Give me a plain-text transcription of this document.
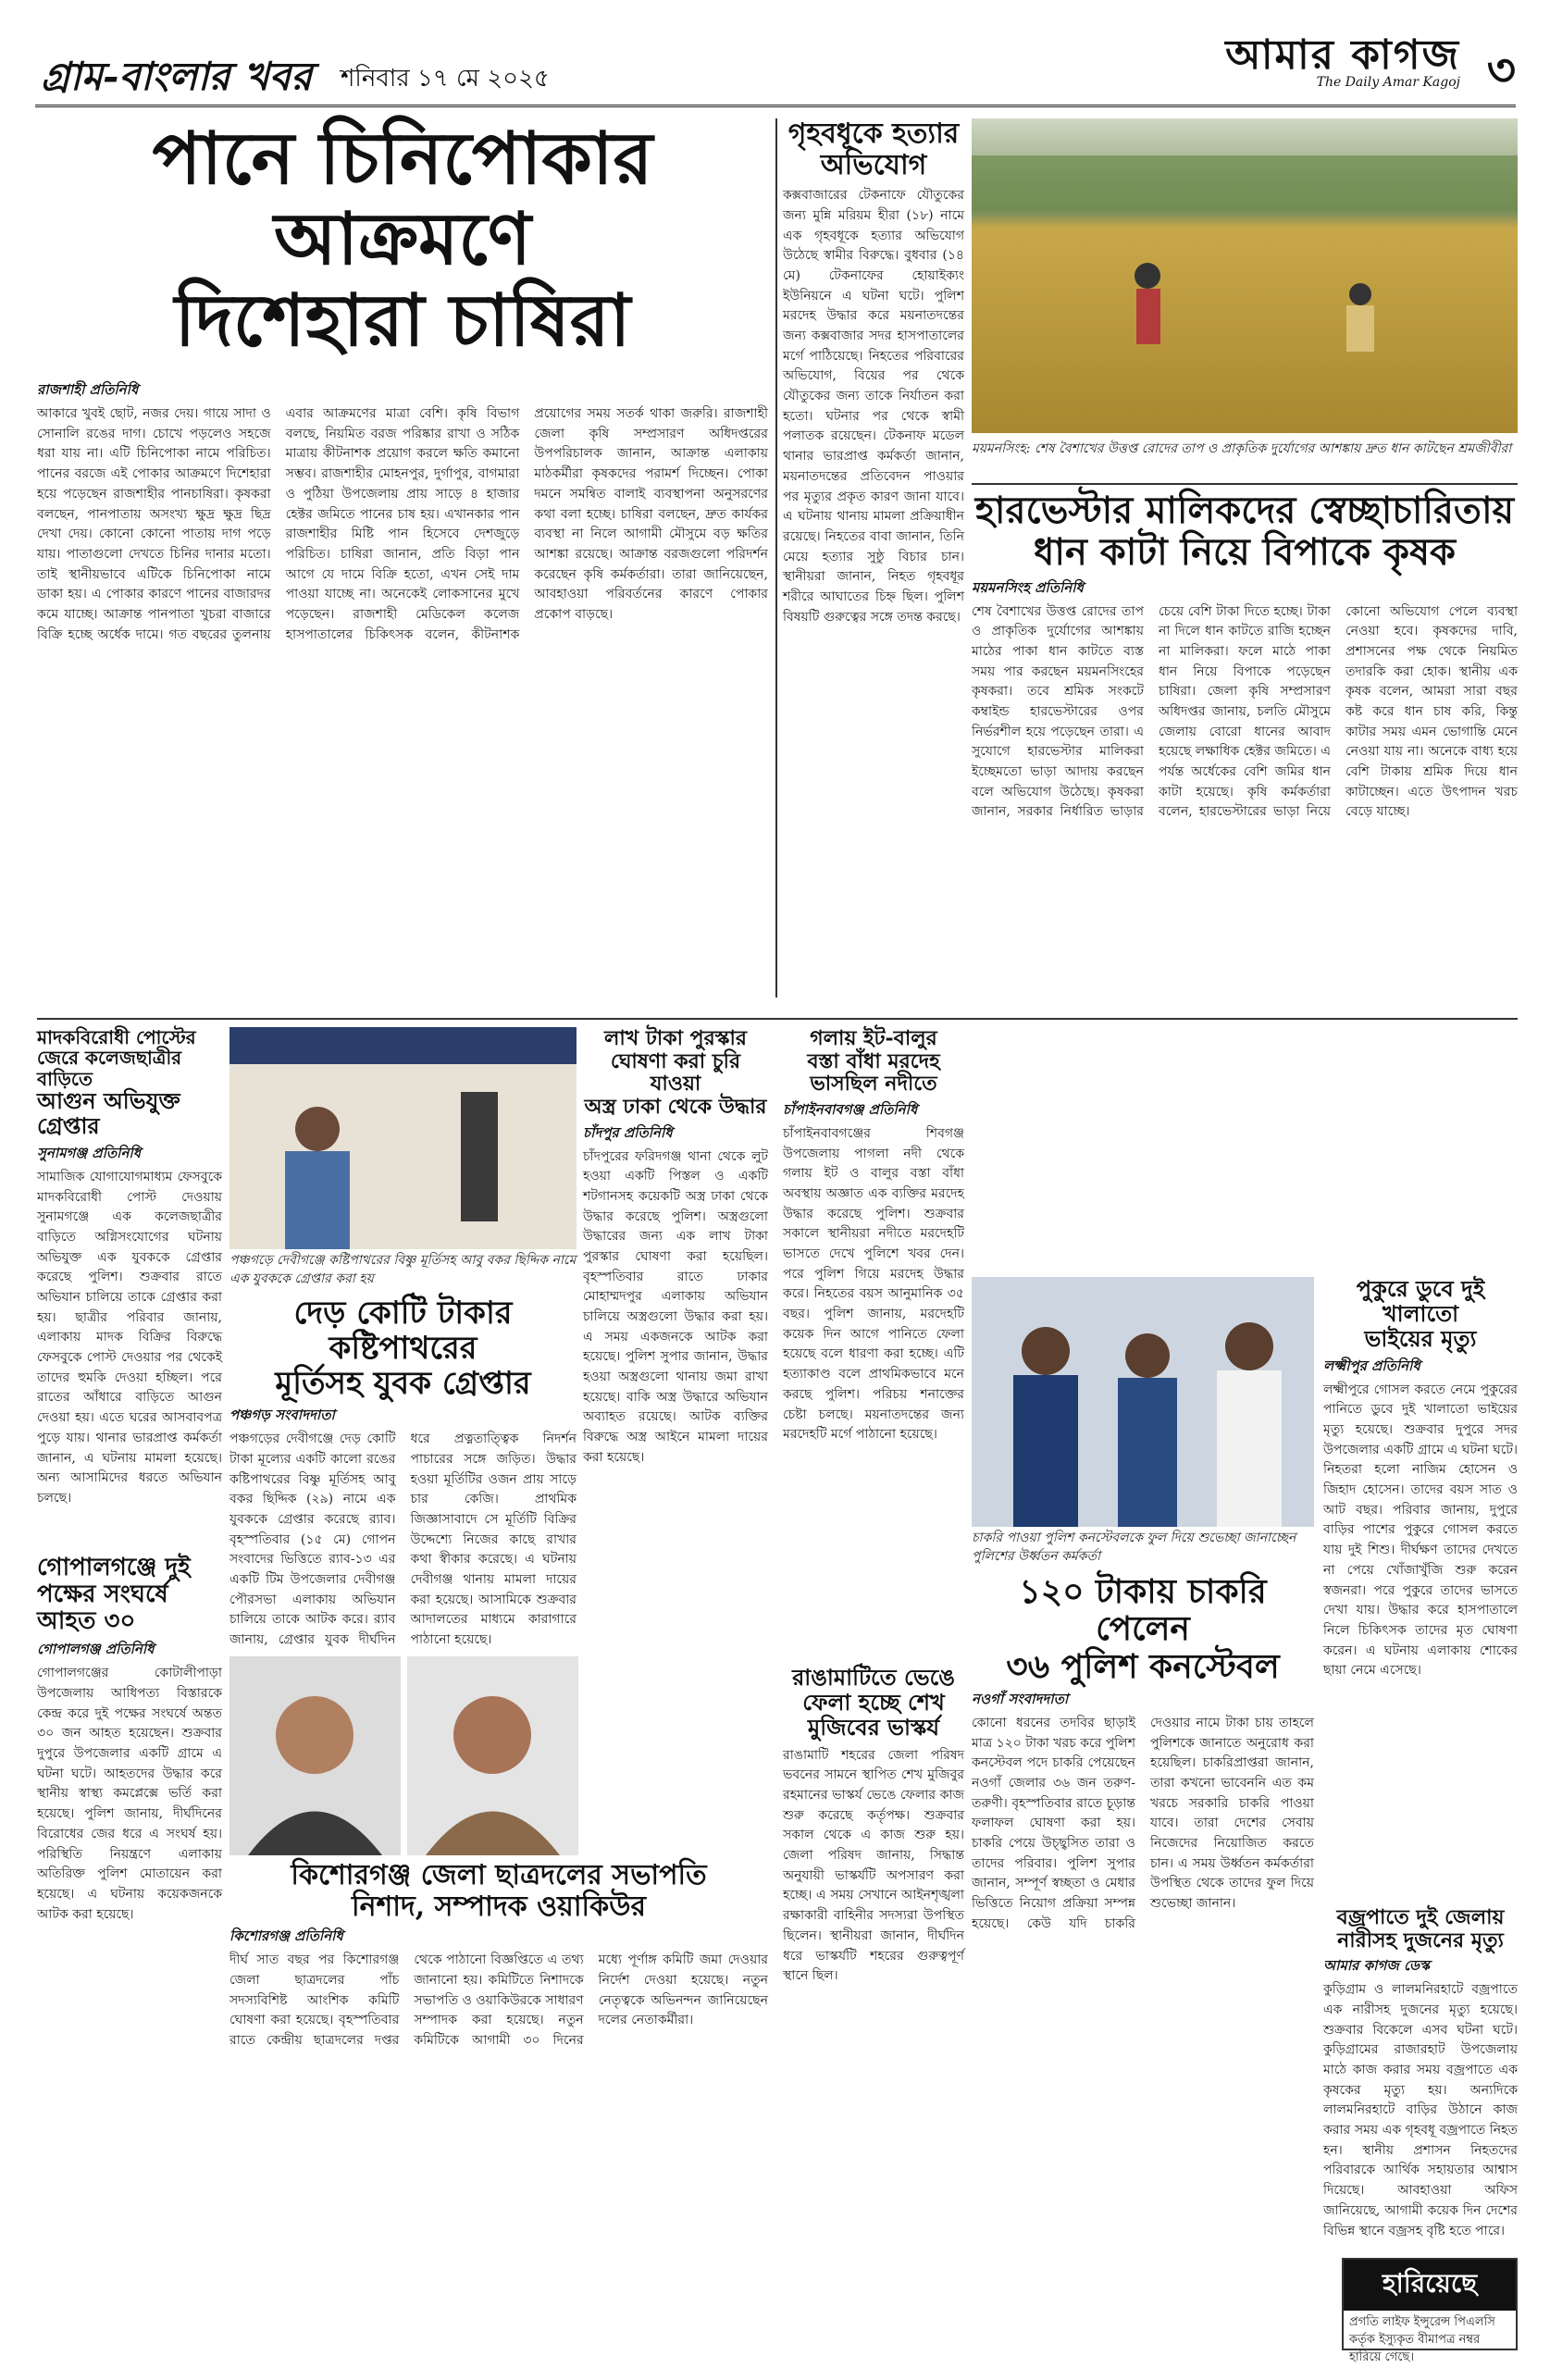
গ্রাম-বাংলার খবর শনিবার ১৭ মে ২০২৫	আমার কাগজ
The Daily Amar Kagoj ৩
পানে চিনিপোকার আক্রমণে
দিশেহারা চাষিরা
রাজশাহী প্রতিনিধি
আকারে খুবই ছোট, নজর দেয়। গায়ে সাদা ও সোনালি রঙের দাগ। চোখে পড়লেও সহজে ধরা যায় না। এটি চিনিপোকা নামে পরিচিত। পানের বরজে এই পোকার আক্রমণে দিশেহারা হয়ে পড়েছেন রাজশাহীর পানচাষিরা। কৃষকরা বলছেন, পানপাতায় অসংখ্য ক্ষুদ্র ক্ষুদ্র ছিদ্র দেখা দেয়। কোনো কোনো পাতায় দাগ পড়ে যায়। পাতাগুলো দেখতে চিনির দানার মতো। তাই স্থানীয়ভাবে এটিকে চিনিপোকা নামে ডাকা হয়। এ পোকার কারণে পানের বাজারদর কমে যাচ্ছে। আক্রান্ত পানপাতা খুচরা বাজারে বিক্রি হচ্ছে অর্ধেক দামে। গত বছরের তুলনায় এবার আক্রমণের মাত্রা বেশি। কৃষি বিভাগ বলছে, নিয়মিত বরজ পরিষ্কার রাখা ও সঠিক মাত্রায় কীটনাশক প্রয়োগ করলে ক্ষতি কমানো সম্ভব। রাজশাহীর মোহনপুর, দুর্গাপুর, বাগমারা ও পুঠিয়া উপজেলায় প্রায় সাড়ে ৪ হাজার হেক্টর জমিতে পানের চাষ হয়। এখানকার পান রাজশাহীর মিষ্টি পান হিসেবে দেশজুড়ে পরিচিত। চাষিরা জানান, প্রতি বিড়া পান আগে যে দামে বিক্রি হতো, এখন সেই দাম পাওয়া যাচ্ছে না। অনেকেই লোকসানের মুখে পড়েছেন। রাজশাহী মেডিকেল কলেজ হাসপাতালের চিকিৎসক বলেন, কীটনাশক প্রয়োগের সময় সতর্ক থাকা জরুরি। রাজশাহী জেলা কৃষি সম্প্রসারণ অধিদপ্তরের উপপরিচালক জানান, আক্রান্ত এলাকায় মাঠকর্মীরা কৃষকদের পরামর্শ দিচ্ছেন। পোকা দমনে সমন্বিত বালাই ব্যবস্থাপনা অনুসরণের কথা বলা হচ্ছে। চাষিরা বলছেন, দ্রুত কার্যকর ব্যবস্থা না নিলে আগামী মৌসুমে বড় ক্ষতির আশঙ্কা রয়েছে। আক্রান্ত বরজগুলো পরিদর্শন করেছেন কৃষি কর্মকর্তারা। তারা জানিয়েছেন, আবহাওয়া পরিবর্তনের কারণে পোকার প্রকোপ বাড়ছে।
গৃহবধূকে হত্যার
অভিযোগ
কক্সবাজারের টেকনাফে যৌতুকের জন্য মুন্নি মরিয়ম হীরা (১৮) নামে এক গৃহবধূকে হত্যার অভিযোগ উঠেছে স্বামীর বিরুদ্ধে। বুধবার (১৪ মে) টেকনাফের হোয়াইক্যং ইউনিয়নে এ ঘটনা ঘটে। পুলিশ মরদেহ উদ্ধার করে ময়নাতদন্তের জন্য কক্সবাজার সদর হাসপাতালের মর্গে পাঠিয়েছে। নিহতের পরিবারের অভিযোগ, বিয়ের পর থেকে যৌতুকের জন্য তাকে নির্যাতন করা হতো। ঘটনার পর থেকে স্বামী পলাতক রয়েছেন। টেকনাফ মডেল থানার ভারপ্রাপ্ত কর্মকর্তা জানান, ময়নাতদন্তের প্রতিবেদন পাওয়ার পর মৃত্যুর প্রকৃত কারণ জানা যাবে। এ ঘটনায় থানায় মামলা প্রক্রিয়াধীন রয়েছে। নিহতের বাবা জানান, তিনি মেয়ে হত্যার সুষ্ঠু বিচার চান। স্থানীয়রা জানান, নিহত গৃহবধূর শরীরে আঘাতের চিহ্ন ছিল। পুলিশ বিষয়টি গুরুত্বের সঙ্গে তদন্ত করছে।
ময়মনসিংহ: শেষ বৈশাখের উত্তপ্ত রোদের তাপ ও প্রাকৃতিক দুর্যোগের আশঙ্কায় দ্রুত ধান কাটছেন শ্রমজীবীরা
হারভেস্টার মালিকদের স্বেচ্ছাচারিতায়
ধান কাটা নিয়ে বিপাকে কৃষক
ময়মনসিংহ প্রতিনিধি
শেষ বৈশাখের উত্তপ্ত রোদের তাপ ও প্রাকৃতিক দুর্যোগের আশঙ্কায় মাঠের পাকা ধান কাটতে ব্যস্ত সময় পার করছেন ময়মনসিংহের কৃষকরা। তবে শ্রমিক সংকটে কম্বাইন্ড হারভেস্টারের ওপর নির্ভরশীল হয়ে পড়েছেন তারা। এ সুযোগে হারভেস্টার মালিকরা ইচ্ছেমতো ভাড়া আদায় করছেন বলে অভিযোগ উঠেছে। কৃষকরা জানান, সরকার নির্ধারিত ভাড়ার চেয়ে বেশি টাকা দিতে হচ্ছে। টাকা না দিলে ধান কাটতে রাজি হচ্ছেন না মালিকরা। ফলে মাঠে পাকা ধান নিয়ে বিপাকে পড়েছেন চাষিরা। জেলা কৃষি সম্প্রসারণ অধিদপ্তর জানায়, চলতি মৌসুমে জেলায় বোরো ধানের আবাদ হয়েছে লক্ষাধিক হেক্টর জমিতে। এ পর্যন্ত অর্ধেকের বেশি জমির ধান কাটা হয়েছে। কৃষি কর্মকর্তারা বলেন, হারভেস্টারের ভাড়া নিয়ে কোনো অভিযোগ পেলে ব্যবস্থা নেওয়া হবে। কৃষকদের দাবি, প্রশাসনের পক্ষ থেকে নিয়মিত তদারকি করা হোক। স্থানীয় এক কৃষক বলেন, আমরা সারা বছর কষ্ট করে ধান চাষ করি, কিন্তু কাটার সময় এমন ভোগান্তি মেনে নেওয়া যায় না। অনেকে বাধ্য হয়ে বেশি টাকায় শ্রমিক দিয়ে ধান কাটাচ্ছেন। এতে উৎপাদন খরচ বেড়ে যাচ্ছে।
মাদকবিরোধী পোস্টের
জেরে কলেজছাত্রীর বাড়িতে
আগুন অভিযুক্ত গ্রেপ্তার
সুনামগঞ্জ প্রতিনিধি
সামাজিক যোগাযোগমাধ্যম ফেসবুকে মাদকবিরোধী পোস্ট দেওয়ায় সুনামগঞ্জে এক কলেজছাত্রীর বাড়িতে অগ্নিসংযোগের ঘটনায় অভিযুক্ত এক যুবককে গ্রেপ্তার করেছে পুলিশ। শুক্রবার রাতে অভিযান চালিয়ে তাকে গ্রেপ্তার করা হয়। ছাত্রীর পরিবার জানায়, এলাকায় মাদক বিক্রির বিরুদ্ধে ফেসবুকে পোস্ট দেওয়ার পর থেকেই তাদের হুমকি দেওয়া হচ্ছিল। পরে রাতের আঁধারে বাড়িতে আগুন দেওয়া হয়। এতে ঘরের আসবাবপত্র পুড়ে যায়। থানার ভারপ্রাপ্ত কর্মকর্তা জানান, এ ঘটনায় মামলা হয়েছে। অন্য আসামিদের ধরতে অভিযান চলছে।
পঞ্চগড়ে দেবীগঞ্জে কষ্টিপাথরের বিষ্ণু মূর্তিসহ আবু বকর ছিদ্দিক নামে এক যুবককে গ্রেপ্তার করা হয়
দেড় কোটি টাকার কষ্টিপাথরের
মূর্তিসহ যুবক গ্রেপ্তার
পঞ্চগড় সংবাদদাতা
পঞ্চগড়ের দেবীগঞ্জে দেড় কোটি টাকা মূল্যের একটি কালো রঙের কষ্টিপাথরের বিষ্ণু মূর্তিসহ আবু বকর ছিদ্দিক (২৯) নামে এক যুবককে গ্রেপ্তার করেছে র‍্যাব। বৃহস্পতিবার (১৫ মে) গোপন সংবাদের ভিত্তিতে র‍্যাব-১৩ এর একটি টিম উপজেলার দেবীগঞ্জ পৌরসভা এলাকায় অভিযান চালিয়ে তাকে আটক করে। র‍্যাব জানায়, গ্রেপ্তার যুবক দীর্ঘদিন ধরে প্রত্নতাত্ত্বিক নিদর্শন পাচারের সঙ্গে জড়িত। উদ্ধার হওয়া মূর্তিটির ওজন প্রায় সাড়ে চার কেজি। প্রাথমিক জিজ্ঞাসাবাদে সে মূর্তিটি বিক্রির উদ্দেশ্যে নিজের কাছে রাখার কথা স্বীকার করেছে। এ ঘটনায় দেবীগঞ্জ থানায় মামলা দায়ের করা হয়েছে। আসামিকে শুক্রবার আদালতের মাধ্যমে কারাগারে পাঠানো হয়েছে।
লাখ টাকা পুরস্কার
ঘোষণা করা চুরি যাওয়া
অস্ত্র ঢাকা থেকে উদ্ধার
চাঁদপুর প্রতিনিধি
চাঁদপুরের ফরিদগঞ্জ থানা থেকে লুট হওয়া একটি পিস্তল ও একটি শটগানসহ কয়েকটি অস্ত্র ঢাকা থেকে উদ্ধার করেছে পুলিশ। অস্ত্রগুলো উদ্ধারের জন্য এক লাখ টাকা পুরস্কার ঘোষণা করা হয়েছিল। বৃহস্পতিবার রাতে ঢাকার মোহাম্মদপুর এলাকায় অভিযান চালিয়ে অস্ত্রগুলো উদ্ধার করা হয়। এ সময় একজনকে আটক করা হয়েছে। পুলিশ সুপার জানান, উদ্ধার হওয়া অস্ত্রগুলো থানায় জমা রাখা হয়েছে। বাকি অস্ত্র উদ্ধারে অভিযান অব্যাহত রয়েছে। আটক ব্যক্তির বিরুদ্ধে অস্ত্র আইনে মামলা দায়ের করা হয়েছে।
গলায় ইট-বালুর
বস্তা বাঁধা মরদেহ
ভাসছিল নদীতে
চাঁপাইনবাবগঞ্জ প্রতিনিধি
চাঁপাইনবাবগঞ্জের শিবগঞ্জ উপজেলায় পাগলা নদী থেকে গলায় ইট ও বালুর বস্তা বাঁধা অবস্থায় অজ্ঞাত এক ব্যক্তির মরদেহ উদ্ধার করেছে পুলিশ। শুক্রবার সকালে স্থানীয়রা নদীতে মরদেহটি ভাসতে দেখে পুলিশে খবর দেন। পরে পুলিশ গিয়ে মরদেহ উদ্ধার করে। নিহতের বয়স আনুমানিক ৩৫ বছর। পুলিশ জানায়, মরদেহটি কয়েক দিন আগে পানিতে ফেলা হয়েছে বলে ধারণা করা হচ্ছে। এটি হত্যাকাণ্ড বলে প্রাথমিকভাবে মনে করছে পুলিশ। পরিচয় শনাক্তের চেষ্টা চলছে। ময়নাতদন্তের জন্য মরদেহটি মর্গে পাঠানো হয়েছে।
চাকরি পাওয়া পুলিশ কনস্টেবলকে ফুল দিয়ে শুভেচ্ছা জানাচ্ছেন পুলিশের উর্ধ্বতন কর্মকর্তা
পুকুরে ডুবে দুই খালাতো
ভাইয়ের মৃত্যু
লক্ষ্মীপুর প্রতিনিধি
লক্ষ্মীপুরে গোসল করতে নেমে পুকুরের পানিতে ডুবে দুই খালাতো ভাইয়ের মৃত্যু হয়েছে। শুক্রবার দুপুরে সদর উপজেলার একটি গ্রামে এ ঘটনা ঘটে। নিহতরা হলো নাজিম হোসেন ও জিহাদ হোসেন। তাদের বয়স সাত ও আট বছর। পরিবার জানায়, দুপুরে বাড়ির পাশের পুকুরে গোসল করতে যায় দুই শিশু। দীর্ঘক্ষণ তাদের দেখতে না পেয়ে খোঁজাখুঁজি শুরু করেন স্বজনরা। পরে পুকুরে তাদের ভাসতে দেখা যায়। উদ্ধার করে হাসপাতালে নিলে চিকিৎসক তাদের মৃত ঘোষণা করেন। এ ঘটনায় এলাকায় শোকের ছায়া নেমে এসেছে।
রাঙামাটিতে ভেঙে
ফেলা হচ্ছে শেখ
মুজিবের ভাস্কর্য
রাঙামাটি শহরের জেলা পরিষদ ভবনের সামনে স্থাপিত শেখ মুজিবুর রহমানের ভাস্কর্য ভেঙে ফেলার কাজ শুরু করেছে কর্তৃপক্ষ। শুক্রবার সকাল থেকে এ কাজ শুরু হয়। জেলা পরিষদ জানায়, সিদ্ধান্ত অনুযায়ী ভাস্কর্যটি অপসারণ করা হচ্ছে। এ সময় সেখানে আইনশৃঙ্খলা রক্ষাকারী বাহিনীর সদস্যরা উপস্থিত ছিলেন। স্থানীয়রা জানান, দীর্ঘদিন ধরে ভাস্কর্যটি শহরের গুরুত্বপূর্ণ স্থানে ছিল।
১২০ টাকায় চাকরি পেলেন
৩৬ পুলিশ কনস্টেবল
নওগাঁ সংবাদদাতা
কোনো ধরনের তদবির ছাড়াই মাত্র ১২০ টাকা খরচ করে পুলিশ কনস্টেবল পদে চাকরি পেয়েছেন নওগাঁ জেলার ৩৬ জন তরুণ-তরুণী। বৃহস্পতিবার রাতে চূড়ান্ত ফলাফল ঘোষণা করা হয়। চাকরি পেয়ে উচ্ছ্বসিত তারা ও তাদের পরিবার। পুলিশ সুপার জানান, সম্পূর্ণ স্বচ্ছতা ও মেধার ভিত্তিতে নিয়োগ প্রক্রিয়া সম্পন্ন হয়েছে। কেউ যদি চাকরি দেওয়ার নামে টাকা চায় তাহলে পুলিশকে জানাতে অনুরোধ করা হয়েছিল। চাকরিপ্রাপ্তরা জানান, তারা কখনো ভাবেননি এত কম খরচে সরকারি চাকরি পাওয়া যাবে। তারা দেশের সেবায় নিজেদের নিয়োজিত করতে চান। এ সময় উর্ধ্বতন কর্মকর্তারা উপস্থিত থেকে তাদের ফুল দিয়ে শুভেচ্ছা জানান।
বজ্রপাতে দুই জেলায়
নারীসহ দুজনের মৃত্যু
আমার কাগজ ডেস্ক
কুড়িগ্রাম ও লালমনিরহাটে বজ্রপাতে এক নারীসহ দুজনের মৃত্যু হয়েছে। শুক্রবার বিকেলে এসব ঘটনা ঘটে। কুড়িগ্রামের রাজারহাট উপজেলায় মাঠে কাজ করার সময় বজ্রপাতে এক কৃষকের মৃত্যু হয়। অন্যদিকে লালমনিরহাটে বাড়ির উঠানে কাজ করার সময় এক গৃহবধূ বজ্রপাতে নিহত হন। স্থানীয় প্রশাসন নিহতদের পরিবারকে আর্থিক সহায়তার আশ্বাস দিয়েছে। আবহাওয়া অফিস জানিয়েছে, আগামী কয়েক দিন দেশের বিভিন্ন স্থানে বজ্রসহ বৃষ্টি হতে পারে।
গোপালগঞ্জে দুই
পক্ষের সংঘর্ষে
আহত ৩০
গোপালগঞ্জ প্রতিনিধি
গোপালগঞ্জের কোটালীপাড়া উপজেলায় আধিপত্য বিস্তারকে কেন্দ্র করে দুই পক্ষের সংঘর্ষে অন্তত ৩০ জন আহত হয়েছেন। শুক্রবার দুপুরে উপজেলার একটি গ্রামে এ ঘটনা ঘটে। আহতদের উদ্ধার করে স্থানীয় স্বাস্থ্য কমপ্লেক্সে ভর্তি করা হয়েছে। পুলিশ জানায়, দীর্ঘদিনের বিরোধের জের ধরে এ সংঘর্ষ হয়। পরিস্থিতি নিয়ন্ত্রণে এলাকায় অতিরিক্ত পুলিশ মোতায়েন করা হয়েছে। এ ঘটনায় কয়েকজনকে আটক করা হয়েছে।
কিশোরগঞ্জ জেলা ছাত্রদলের সভাপতি
নিশাদ, সম্পাদক ওয়াকিউর
কিশোরগঞ্জ প্রতিনিধি
দীর্ঘ সাত বছর পর কিশোরগঞ্জ জেলা ছাত্রদলের পাঁচ সদস্যবিশিষ্ট আংশিক কমিটি ঘোষণা করা হয়েছে। বৃহস্পতিবার রাতে কেন্দ্রীয় ছাত্রদলের দপ্তর থেকে পাঠানো বিজ্ঞপ্তিতে এ তথ্য জানানো হয়। কমিটিতে নিশাদকে সভাপতি ও ওয়াকিউরকে সাধারণ সম্পাদক করা হয়েছে। নতুন কমিটিকে আগামী ৩০ দিনের মধ্যে পূর্ণাঙ্গ কমিটি জমা দেওয়ার নির্দেশ দেওয়া হয়েছে। নতুন নেতৃত্বকে অভিনন্দন জানিয়েছেন দলের নেতাকর্মীরা।
হারিয়েছে
প্রগতি লাইফ ইন্সুরেন্স পিএলসি কর্তৃক ইস্যুকৃত বীমাপত্র নম্বর হারিয়ে গেছে।
